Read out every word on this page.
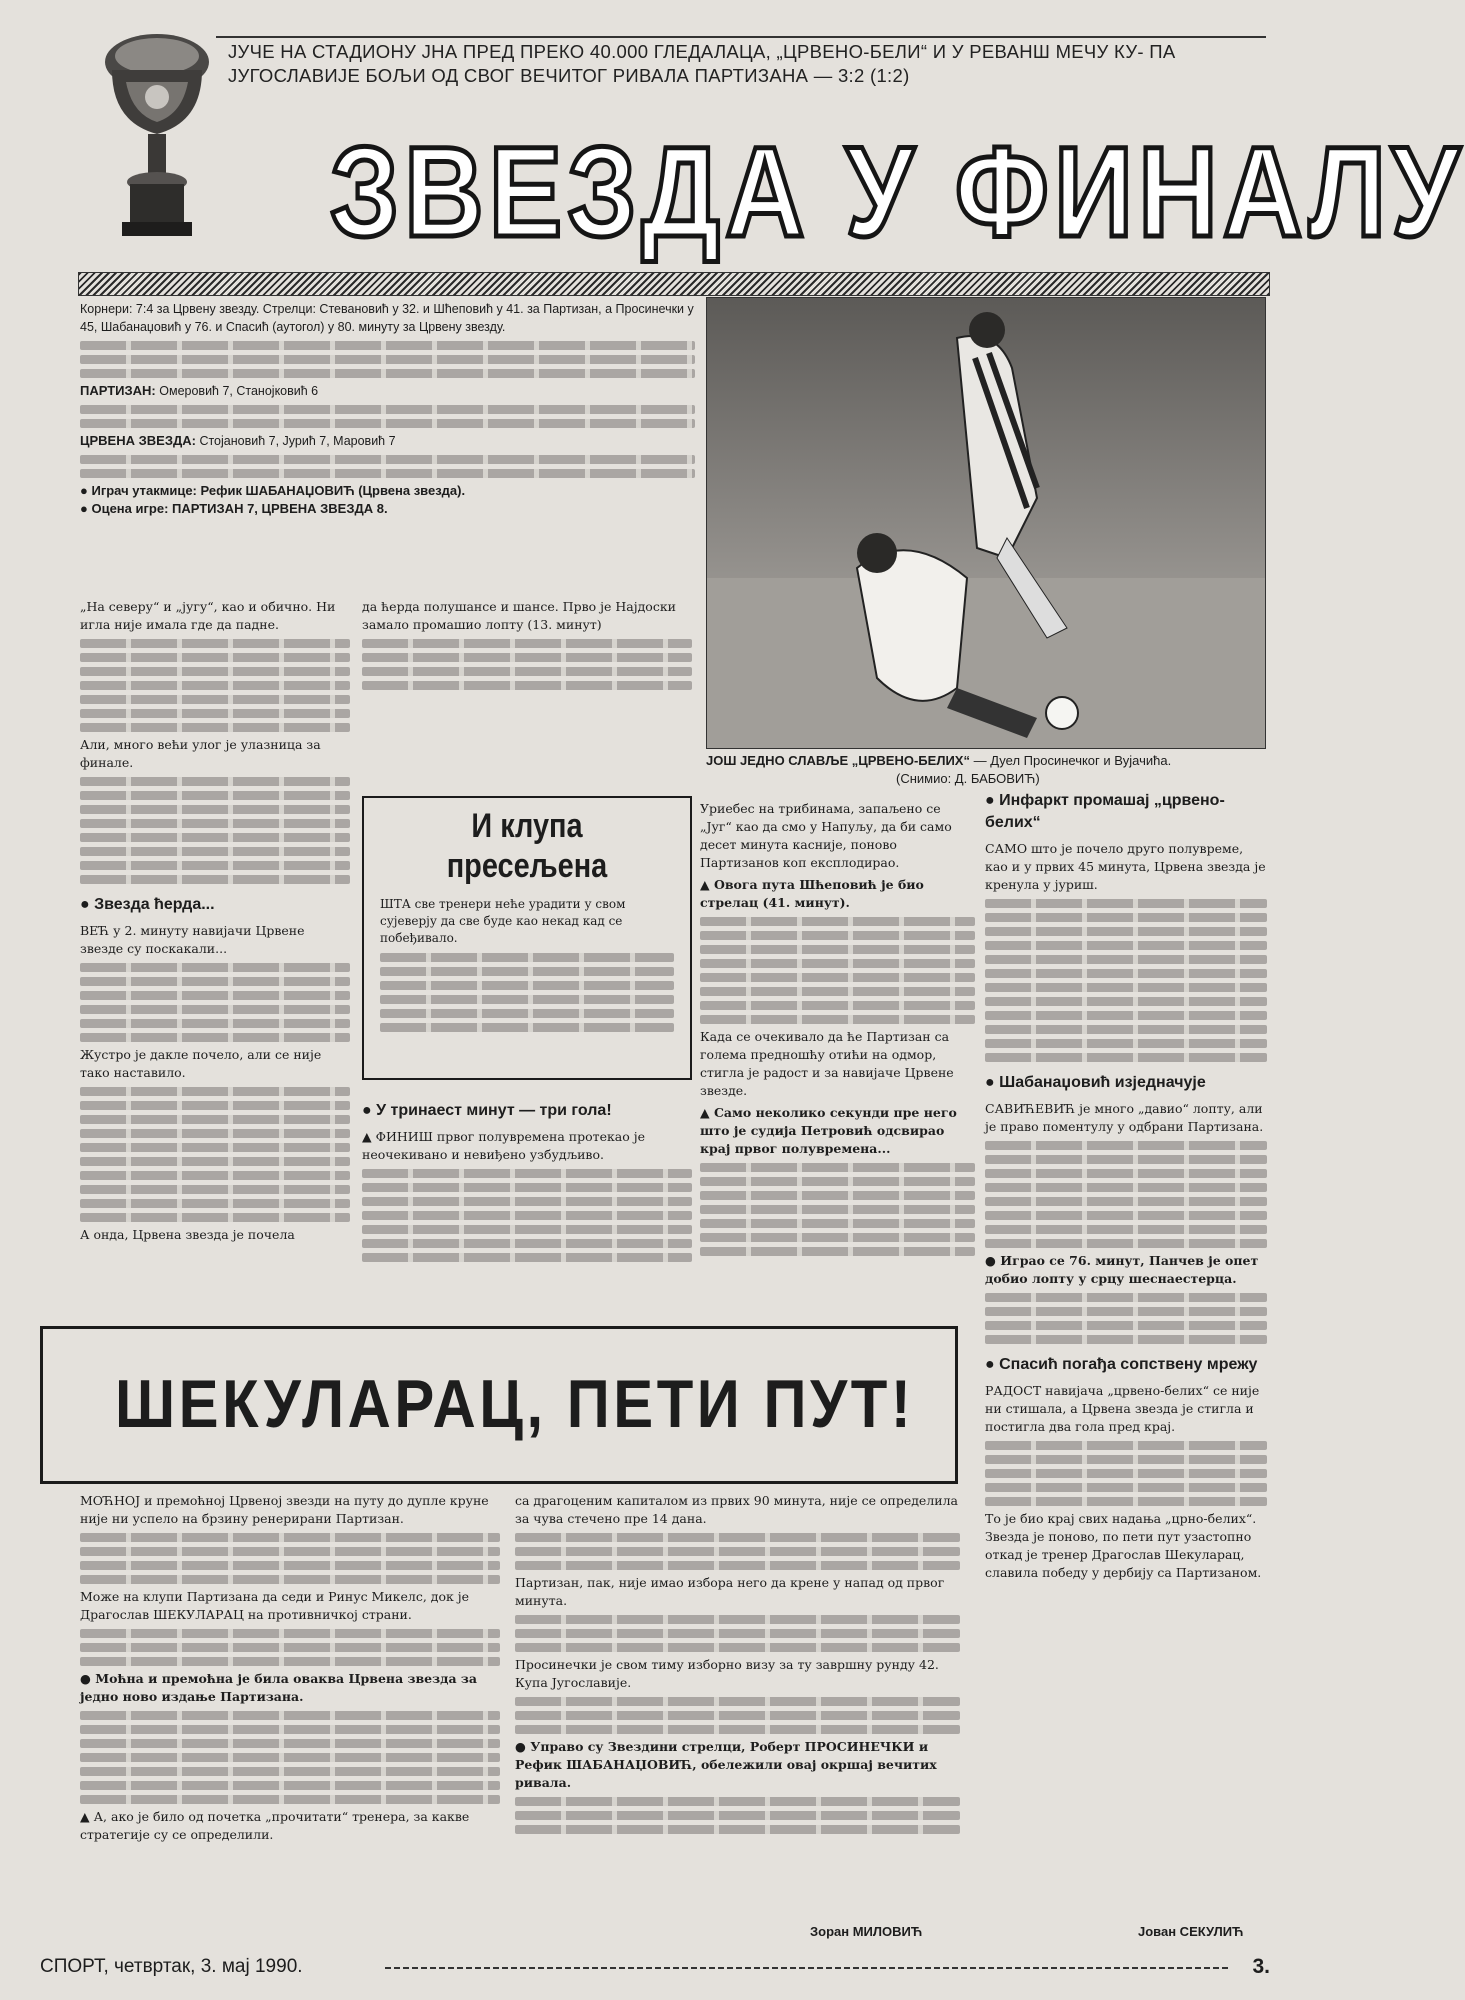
ЈУЧЕ НА СТАДИОНУ ЈНА ПРЕД ПРЕКО 40.000 ГЛЕДАЛАЦА, „ЦРВЕНО-БЕЛИ“ И У РЕВАНШ МЕЧУ КУ- ПА ЈУГОСЛАВИЈЕ БОЉИ ОД СВОГ ВЕЧИТОГ РИВАЛА ПАРТИЗАНА — 3:2 (1:2)
ЗВЕЗДА У ФИНАЛУ
Корнери: 7:4 за Црвену звезду. Стрелци: Стевановић у 32. и Шћеповић у 41. за Партизан, а Просинечки у 45, Шабанаџовић у 76. и Спасић (аутогол) у 80. минуту за Црвену звезду.
ПАРТИЗАН: Омеровић 7, Станојковић 6
ЦРВЕНА ЗВЕЗДА: Стојановић 7, Јурић 7, Маровић 7
● Играч утакмице: Рефик ШАБАНАЏОВИЋ (Црвена звезда).
● Оцена игре: ПАРТИЗАН 7, ЦРВЕНА ЗВЕЗДА 8.
ЈОШ ЈЕДНО СЛАВЉЕ „ЦРВЕНО-БЕЛИХ“ — Дуел Просинечког и Вујачића.
(Снимио: Д. БАБОВИЋ)

„На северу“ и „југу“, као и обично. Ни игла није имала где да падне.

Али, много већи улог је улазница за финале.

● Звезда ћерда...

ВЕЋ у 2. минуту навијачи Црвене звезде су поскакали...

Жустро је дакле почело, али се није тако наставило.

А онда, Црвена звезда је почела

да ћерда полушансе и шансе. Прво је Најдоски замало промашио лопту (13. минут)

И клупа пресељена

ШТА све тренери неће урадити у свом сујеверју да све буде као некад кад се побеђивало.

● У тринаест минут — три гола!

▲ ФИНИШ првог полувремена протекао је неочекивано и невиђено узбудљиво.

Уриебес на трибинама, запаљено се „Југ“ као да смо у Напуљу, да би само десет минута касније, поново Партизанов коп експлодирао.

▲ Овога пута Шћеповић је био стрелац (41. минут).

Када се очекивало да ће Партизан са голема предношћу отићи на одмор, стигла је радост и за навијаче Црвене звезде.

▲ Само неколико секунди пре него што је судија Петровић одсвирао крај првог полувремена...

● Инфаркт промашај „црвено-белих“

САМО што је почело друго полувреме, као и у првих 45 минута, Црвена звезда је кренула у јуриш.

● Шабанаџовић изједначује

САВИЋЕВИЋ је много „давио“ лопту, али је право поментулу у одбрани Партизана.

● Играо се 76. минут, Панчев је опет добио лопту у срцу шеснаестерца.

● Спасић погађа сопствену мрежу

РАДОСТ навијача „црвено-белих“ се није ни стишала, а Црвена звезда је стигла и постигла два гола пред крај.

То је био крај свих надања „црно-белих“. Звезда је поново, по пети пут узастопно откад је тренер Драгослав Шекуларац, славила победу у дербију са Партизаном.

ШЕКУЛАРАЦ, ПЕТИ ПУТ!

МОЋНОЈ и премоћној Црвеној звезди на путу до дупле круне није ни успело на брзину ренерирани Партизан.

Може на клупи Партизана да седи и Ринус Микелс, док је Драгослав ШЕКУЛАРАЦ на противничкој страни.

● Моћна и премоћна је била оваква Црвена звезда за једно ново издање Партизана.

▲ А, ако је било од почетка „прочитати“ тренера, за какве стратегије су се определили.

са драгоценим капиталом из првих 90 минута, није се определила за чува стечено пре 14 дана.

Партизан, пак, није имао избора него да крене у напад од првог минута.

Просинечки је свом тиму изборно визу за ту завршну рунду 42. Купа Југославије.

● Управо су Звездини стрелци, Роберт ПРОСИНЕЧКИ и Рефик ШАБАНАЏОВИЋ, обележили овај окршај вечитих ривала.

Зоран МИЛОВИЋ	Јован СЕКУЛИЋ
СПОРТ, четвртак, 3. мај 1990.	3.
